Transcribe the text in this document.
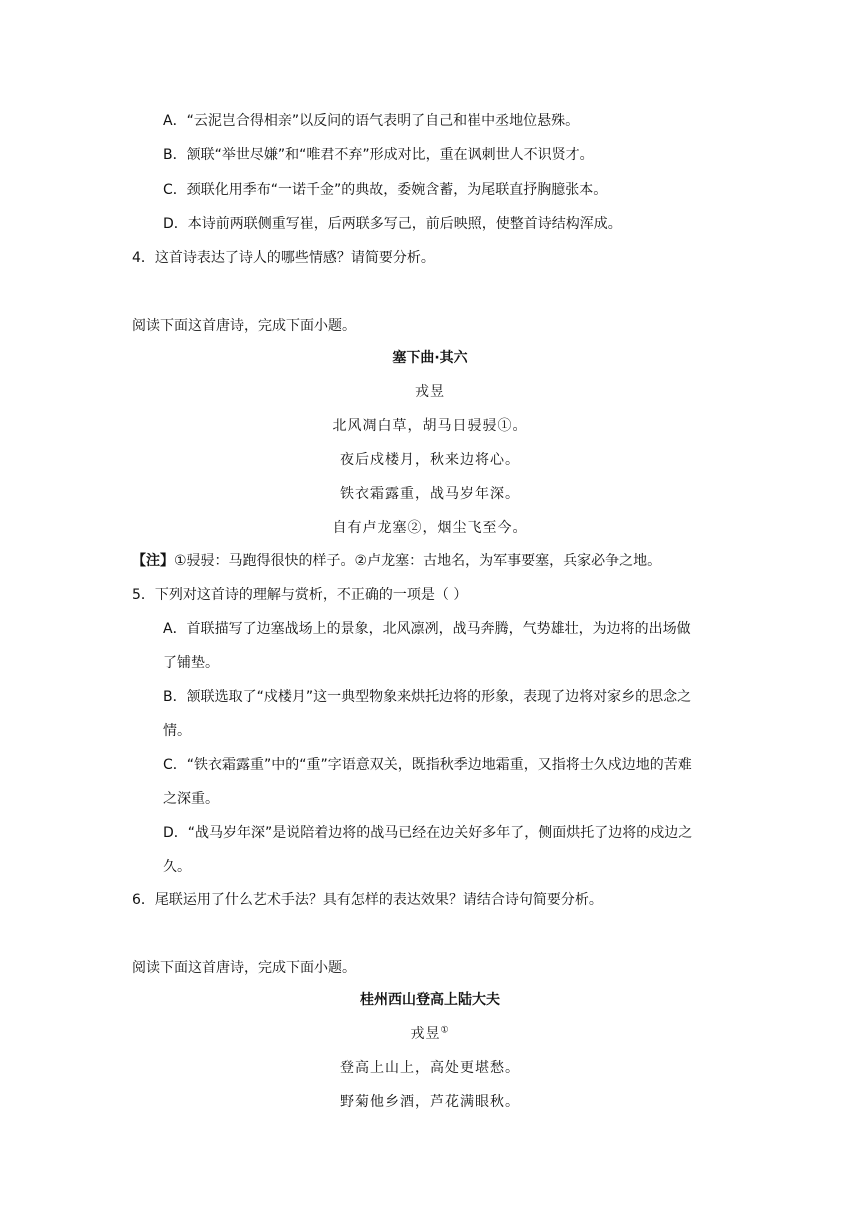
A．“云泥岂合得相亲”以反问的语气表明了自己和崔中丞地位悬殊。
B．颔联“举世尽嫌”和“唯君不弃”形成对比，重在讽刺世人不识贤才。
C．颈联化用季布“一诺千金”的典故，委婉含蓄，为尾联直抒胸臆张本。
D．本诗前两联侧重写崔，后两联多写己，前后映照，使整首诗结构浑成。
4．这首诗表达了诗人的哪些情感？请简要分析。
阅读下面这首唐诗，完成下面小题。
塞下曲·其六
戎昱
北风凋白草，胡马日骎骎①。
夜后戍楼月，秋来边将心。
铁衣霜露重，战马岁年深。
自有卢龙塞②，烟尘飞至今。
【注】①骎骎：马跑得很快的样子。②卢龙塞：古地名，为军事要塞，兵家必争之地。
5．下列对这首诗的理解与赏析，不正确的一项是（ ）
A．首联描写了边塞战场上的景象，北风凛冽，战马奔腾，气势雄壮，为边将的出场做
了铺垫。
B．颔联选取了“戍楼月”这一典型物象来烘托边将的形象，表现了边将对家乡的思念之
情。
C．“铁衣霜露重”中的“重”字语意双关，既指秋季边地霜重，又指将士久戍边地的苦难
之深重。
D．“战马岁年深”是说陪着边将的战马已经在边关好多年了，侧面烘托了边将的戍边之
久。
6．尾联运用了什么艺术手法？具有怎样的表达效果？请结合诗句简要分析。
阅读下面这首唐诗，完成下面小题。
桂州西山登高上陆大夫
戎昱①
登高上山上，高处更堪愁。
野菊他乡酒，芦花满眼秋。
